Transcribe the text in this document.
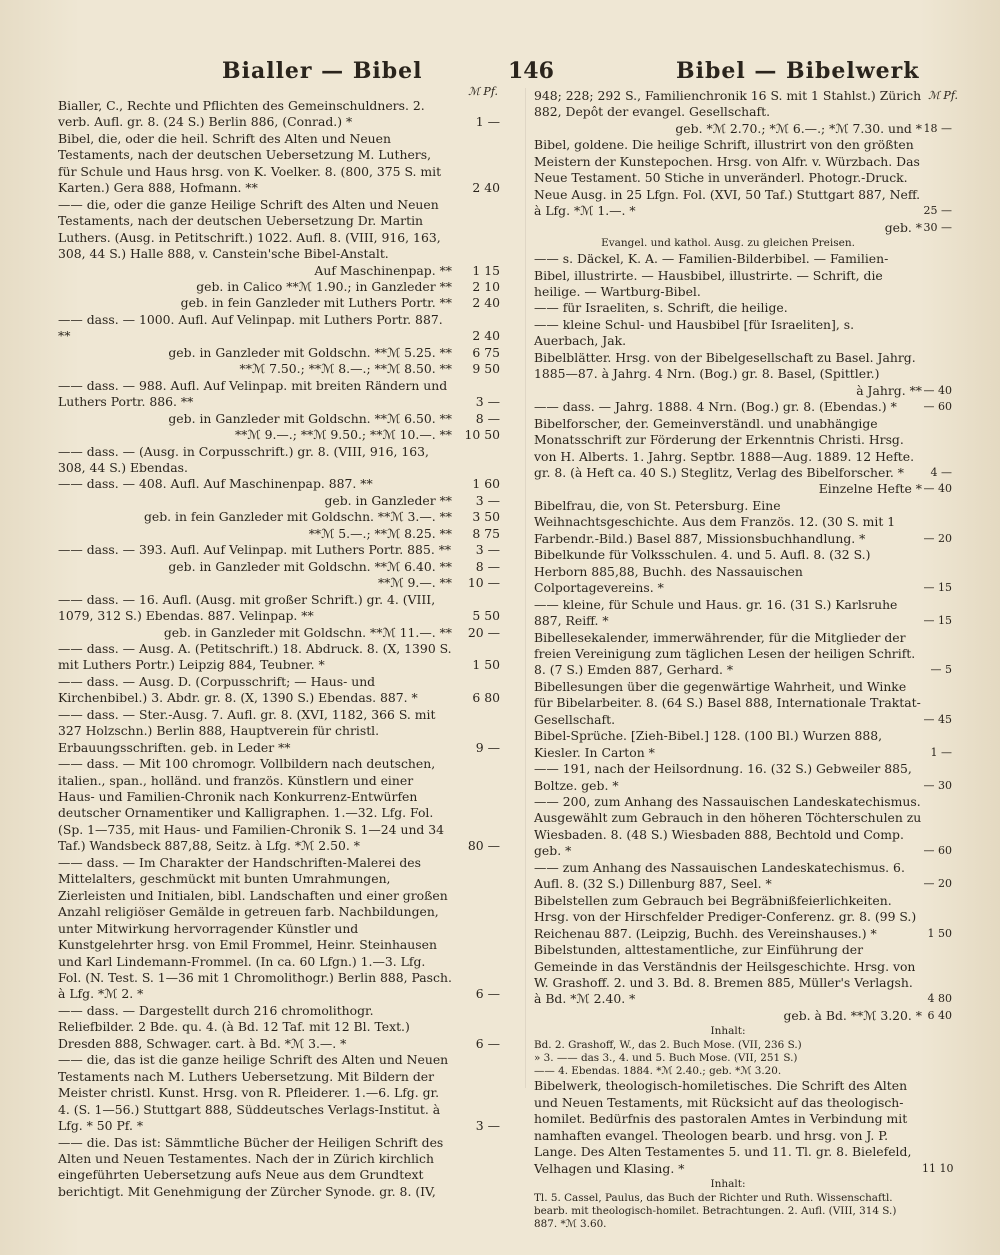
Bialler — Bibel	146	Bibel — Bibelwerk
ℳ Pf.
Bialler, C., Rechte und Pflichten des Gemeinschuldners. 2. verb. Aufl. gr. 8. (24 S.) Berlin 886, (Conrad.) *	1 —
Bibel, die, oder die heil. Schrift des Alten und Neuen Testaments, nach der deutschen Uebersetzung M. Luthers, für Schule und Haus hrsg. von K. Voelker. 8. (800, 375 S. mit Karten.) Gera 888, Hofmann. **	2 40
—— die, oder die ganze Heilige Schrift des Alten und Neuen Testaments, nach der deutschen Uebersetzung Dr. Martin Luthers. (Ausg. in Petitschrift.) 1022. Aufl. 8. (VIII, 916, 163, 308, 44 S.) Halle 888, v. Canstein'sche Bibel-Anstalt.
Auf Maschinenpap. **	1 15
geb. in Calico **ℳ 1.90.; in Ganzleder **	2 10
geb. in fein Ganzleder mit Luthers Portr. **	2 40
—— dass. — 1000. Aufl. Auf Velinpap. mit Luthers Portr. 887. **	2 40
geb. in Ganzleder mit Goldschn. **ℳ 5.25. **	6 75
**ℳ 7.50.; **ℳ 8.—.; **ℳ 8.50. **	9 50
—— dass. — 988. Aufl. Auf Velinpap. mit breiten Rändern und Luthers Portr. 886. **	3 —
geb. in Ganzleder mit Goldschn. **ℳ 6.50. **	8 —
**ℳ 9.—.; **ℳ 9.50.; **ℳ 10.—. **	10 50
—— dass. — (Ausg. in Corpusschrift.) gr. 8. (VIII, 916, 163, 308, 44 S.) Ebendas.
—— dass. — 408. Aufl. Auf Maschinenpap. 887. **	1 60
geb. in Ganzleder **	3 —
geb. in fein Ganzleder mit Goldschn. **ℳ 3.—. **	3 50
**ℳ 5.—.; **ℳ 8.25. **	8 75
—— dass. — 393. Aufl. Auf Velinpap. mit Luthers Portr. 885. **	3 —
geb. in Ganzleder mit Goldschn. **ℳ 6.40. **	8 —
**ℳ 9.—. **	10 —
—— dass. — 16. Aufl. (Ausg. mit großer Schrift.) gr. 4. (VIII, 1079, 312 S.) Ebendas. 887. Velinpap. **	5 50
geb. in Ganzleder mit Goldschn. **ℳ 11.—. **	20 —
—— dass. — Ausg. A. (Petitschrift.) 18. Abdruck. 8. (X, 1390 S. mit Luthers Portr.) Leipzig 884, Teubner. *	1 50
—— dass. — Ausg. D. (Corpusschrift; — Haus- und Kirchenbibel.) 3. Abdr. gr. 8. (X, 1390 S.) Ebendas. 887. *	6 80
—— dass. — Ster.-Ausg. 7. Aufl. gr. 8. (XVI, 1182, 366 S. mit 327 Holzschn.) Berlin 888, Hauptverein für christl. Erbauungsschriften. geb. in Leder **	9 —
—— dass. — Mit 100 chromogr. Vollbildern nach deutschen, italien., span., holländ. und französ. Künstlern und einer Haus- und Familien-Chronik nach Konkurrenz-Entwürfen deutscher Ornamentiker und Kalligraphen. 1.—32. Lfg. Fol. (Sp. 1—735, mit Haus- und Familien-Chronik S. 1—24 und 34 Taf.) Wandsbeck 887,88, Seitz. à Lfg. *ℳ 2.50. *	80 —
—— dass. — Im Charakter der Handschriften-Malerei des Mittelalters, geschmückt mit bunten Umrahmungen, Zierleisten und Initialen, bibl. Landschaften und einer großen Anzahl religiöser Gemälde in getreuen farb. Nachbildungen, unter Mitwirkung hervorragender Künstler und Kunstgelehrter hrsg. von Emil Frommel, Heinr. Steinhausen und Karl Lindemann-Frommel. (In ca. 60 Lfgn.) 1.—3. Lfg. Fol. (N. Test. S. 1—36 mit 1 Chromolithogr.) Berlin 888, Pasch. à Lfg. *ℳ 2. *	6 —
—— dass. — Dargestellt durch 216 chromolithogr. Reliefbilder. 2 Bde. qu. 4. (à Bd. 12 Taf. mit 12 Bl. Text.) Dresden 888, Schwager. cart. à Bd. *ℳ 3.—. *	6 —
—— die, das ist die ganze heilige Schrift des Alten und Neuen Testaments nach M. Luthers Uebersetzung. Mit Bildern der Meister christl. Kunst. Hrsg. von R. Pfleiderer. 1.—6. Lfg. gr. 4. (S. 1—56.) Stuttgart 888, Süddeutsches Verlags-Institut. à Lfg. * 50 Pf. *	3 —
—— die. Das ist: Sämmtliche Bücher der Heiligen Schrift des Alten und Neuen Testamentes. Nach der in Zürich kirchlich eingeführten Uebersetzung aufs Neue aus dem Grundtext berichtigt. Mit Genehmigung der Zürcher Synode. gr. 8. (IV,
ℳ Pf.
948; 228; 292 S., Familienchronik 16 S. mit 1 Stahlst.) Zürich 882, Depôt der evangel. Gesellschaft.
geb. *ℳ 2.70.; *ℳ 6.—.; *ℳ 7.30. und * 18 —
Bibel, goldene. Die heilige Schrift, illustrirt von den größten Meistern der Kunstepochen. Hrsg. von Alfr. v. Würzbach. Das Neue Testament. 50 Stiche in unveränderl. Photogr.-Druck. Neue Ausg. in 25 Lfgn. Fol. (XVI, 50 Taf.) Stuttgart 887, Neff. à Lfg. *ℳ 1.—. *	25 —
geb. * 30 —
Evangel. und kathol. Ausg. zu gleichen Preisen.
—— s. Däckel, K. A. — Familien-Bilderbibel. — Familien-Bibel, illustrirte. — Hausbibel, illustrirte. — Schrift, die heilige. — Wartburg-Bibel.
—— für Israeliten, s. Schrift, die heilige.
—— kleine Schul- und Hausbibel [für Israeliten], s. Auerbach, Jak.
Bibelblätter. Hrsg. von der Bibelgesellschaft zu Basel. Jahrg. 1885—87. à Jahrg. 4 Nrn. (Bog.) gr. 8. Basel, (Spittler.)
à Jahrg. ** — 40
—— dass. — Jahrg. 1888. 4 Nrn. (Bog.) gr. 8. (Ebendas.) * — 60
Bibelforscher, der. Gemeinverständl. und unabhängige Monatsschrift zur Förderung der Erkenntnis Christi. Hrsg. von H. Alberts. 1. Jahrg. Septbr. 1888—Aug. 1889. 12 Hefte. gr. 8. (à Heft ca. 40 S.) Steglitz, Verlag des Bibelforscher. *	4 —
Einzelne Hefte * — 40
Bibelfrau, die, von St. Petersburg. Eine Weihnachtsgeschichte. Aus dem Französ. 12. (30 S. mit 1 Farbendr.-Bild.) Basel 887, Missionsbuchhandlung. *	— 20
Bibelkunde für Volksschulen. 4. und 5. Aufl. 8. (32 S.) Herborn 885,88, Buchh. des Nassauischen Colportagevereins. *	— 15
—— kleine, für Schule und Haus. gr. 16. (31 S.) Karlsruhe 887, Reiff. *	— 15
Bibellesekalender, immerwährender, für die Mitglieder der freien Vereinigung zum täglichen Lesen der heiligen Schrift. 8. (7 S.) Emden 887, Gerhard. *	— 5
Bibellesungen über die gegenwärtige Wahrheit, und Winke für Bibelarbeiter. 8. (64 S.) Basel 888, Internationale Traktat-Gesellschaft.	— 45
Bibel-Sprüche. [Zieh-Bibel.] 128. (100 Bl.) Wurzen 888, Kiesler. In Carton *	1 —
—— 191, nach der Heilsordnung. 16. (32 S.) Gebweiler 885, Boltze. geb. *	— 30
—— 200, zum Anhang des Nassauischen Landeskatechismus. Ausgewählt zum Gebrauch in den höheren Töchterschulen zu Wiesbaden. 8. (48 S.) Wiesbaden 888, Bechtold und Comp. geb. *	— 60
—— zum Anhang des Nassauischen Landeskatechismus. 6. Aufl. 8. (32 S.) Dillenburg 887, Seel. *	— 20
Bibelstellen zum Gebrauch bei Begräbnißfeierlichkeiten. Hrsg. von der Hirschfelder Prediger-Conferenz. gr. 8. (99 S.) Reichenau 887. (Leipzig, Buchh. des Vereinshauses.) *	1 50
Bibelstunden, alttestamentliche, zur Einführung der Gemeinde in das Verständnis der Heilsgeschichte. Hrsg. von W. Grashoff. 2. und 3. Bd. 8. Bremen 885, Müller's Verlagsh. à Bd. *ℳ 2.40. *	4 80
geb. à Bd. **ℳ 3.20. * 6 40
Inhalt:
Bd. 2. Grashoff, W., das 2. Buch Mose. (VII, 236 S.)
» 3. —— das 3., 4. und 5. Buch Mose. (VII, 251 S.)
—— 4. Ebendas. 1884. *ℳ 2.40.; geb. *ℳ 3.20.
Bibelwerk, theologisch-homiletisches. Die Schrift des Alten und Neuen Testaments, mit Rücksicht auf das theologisch-homilet. Bedürfnis des pastoralen Amtes in Verbindung mit namhaften evangel. Theologen bearb. und hrsg. von J. P. Lange. Des Alten Testamentes 5. und 11. Tl. gr. 8. Bielefeld, Velhagen und Klasing. *	11 10
Inhalt:
Tl. 5. Cassel, Paulus, das Buch der Richter und Ruth. Wissenschaftl. bearb. mit theologisch-homilet. Betrachtungen. 2. Aufl. (VIII, 314 S.) 887. *ℳ 3.60.
